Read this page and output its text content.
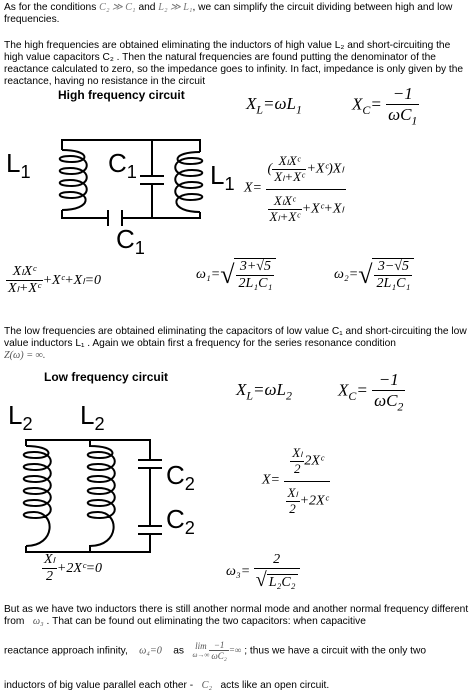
As for the conditions C₂ ≫ C₁ and L₂ ≫ L₁, we can simplify the circuit dividing between high and low frequencies.
The high frequencies are obtained eliminating the inductors of high value L₂ and short-circuiting the high value capacitors C₂ . Then the natural frequencies are found putting the denominator of the reactance calculated to zero, so the impedance goes to infinity. In fact, impedance is only given by the reactance, having no resistance in the circuit
High frequency circuit
$L_1$	$C_1$	$L_1$
$C_1$
$X_L=\omega L_1$	$X_C= \frac{-1}{\omega C_1}$
$X= \frac{( \frac{\text{XₗXᶜ}}{\text{Xₗ+Xᶜ}} +Xᶜ)X_l}{\frac{\text{XₗXᶜ}}{\text{Xₗ+Xᶜ}} +Xᶜ+X_l}$
$\frac{\text{XₗXᶜ}}{\text{Xₗ+Xᶜ}}$ +Xᶜ+Xₗ=0	$\omega_1=√ \frac{3+√5}{\text{2L₁C₁}}$	$\omega_2=√ \frac{3-√5}{\text{2L₁C₁}}$
The low frequencies are obtained eliminating the capacitors of low value C₁ and short-circuiting the low value inductors L₁ . Again we obtain first a frequency for the series resonance condition
Z(ω) = ∞.
Low frequency circuit
$L_2$ $L_2$
$C_2$
$C_2$
$X_L=\omega L_2$	$X_C= \frac{-1}{\omega C_2}$
$X= \frac{\frac{\text{Xₗ}}{2} 2Xᶜ}{\frac{\text{Xₗ}}{2} +2Xᶜ}$
$\frac{\text{Xₗ}}{2}$ +2Xᶜ=0	$\omega_3= \frac{2}{\text{√ L₂C₂}}$
But as we have two inductors there is still another normal mode and another normal frequency different from ω₃ . That can be found out eliminating the two capacitors: when capacitive
reactance approach infinity, ω₄=0 as	lim
$\omega\to\infty \frac{-1}{\text{ωC₂}}$ =∞ ; thus we have a circuit with the only two
inductors of big value parallel each other - C₂ acts like an open circuit.
